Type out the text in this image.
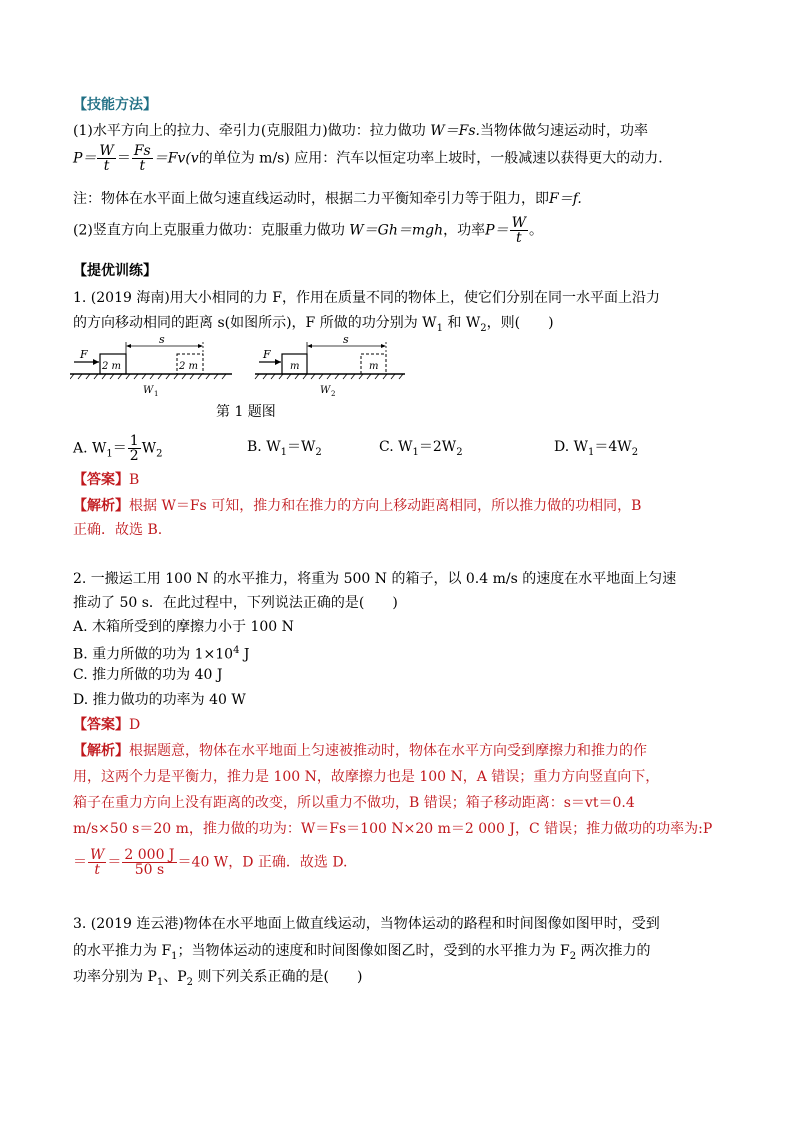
【技能方法】
(1)水平方向上的拉力、牵引力(克服阻力)做功：拉力做功 W＝Fs.当物体做匀速运动时，功率
$P= \frac{W}{t} = \frac{Fs}{t} =Fv(v$的单位为 m/s) 应用：汽车以恒定功率上坡时，一般减速以获得更大的动力．
注：物体在水平面上做匀速直线运动时，根据二力平衡知牵引力等于阻力，即F＝f.
(2)竖直方向上克服重力做功：克服重力做功 W＝Gh＝mgh，功率$P= \frac{W}{t}$ 。
【提优训练】
1. (2019 海南)用大小相同的力 F，作用在质量不同的物体上，使它们分别在同一水平面上沿力
的方向移动相同的距离 s(如图所示)，F 所做的功分别为 $W_1$ 和 $W_2$，则(　　)
F
s
2 m	2 m
W 1
F
s
m	m
W 2
第 1 题图
A. $W_1= \frac{1}{2} W_2$	B. $W_1=W_2$	C. $W_1=2W_2$	D. $W_1=4W_2$
【答案】B
【解析】根据 W＝Fs 可知，推力和在推力的方向上移动距离相同，所以推力做的功相同，B
正确．故选 B.
2. 一搬运工用 100 N 的水平推力，将重为 500 N 的箱子，以 0.4 m/s 的速度在水平地面上匀速
推动了 50 s．在此过程中，下列说法正确的是(　　)
A. 木箱所受到的摩擦力小于 100 N
B. 重力所做的功为 $1\times 10^4$ J
C. 推力所做的功为 40 J
D. 推力做功的功率为 40 W
【答案】D
【解析】根据题意，物体在水平地面上匀速被推动时，物体在水平方向受到摩擦力和推力的作
用，这两个力是平衡力，推力是 100 N，故摩擦力也是 100 N，A 错误；重力方向竖直向下，
箱子在重力方向上没有距离的改变，所以重力不做功，B 错误；箱子移动距离：s＝vt＝0.4
m/s×50 s＝20 m，推力做的功为：W＝Fs＝100 N×20 m＝2 000 J，C 错误；推力做功的功率为:P
＝ $\frac{W}{t} = \frac{2 000 J}{50 s} =40$ W，D 正确．故选 D.
3. (2019 连云港)物体在水平地面上做直线运动，当物体运动的路程和时间图像如图甲时，受到
的水平推力为 $F_1$；当物体运动的速度和时间图像如图乙时，受到的水平推力为 $F_2$ 两次推力的
功率分别为 $P_1$、$P_2$ 则下列关系正确的是(　　)
